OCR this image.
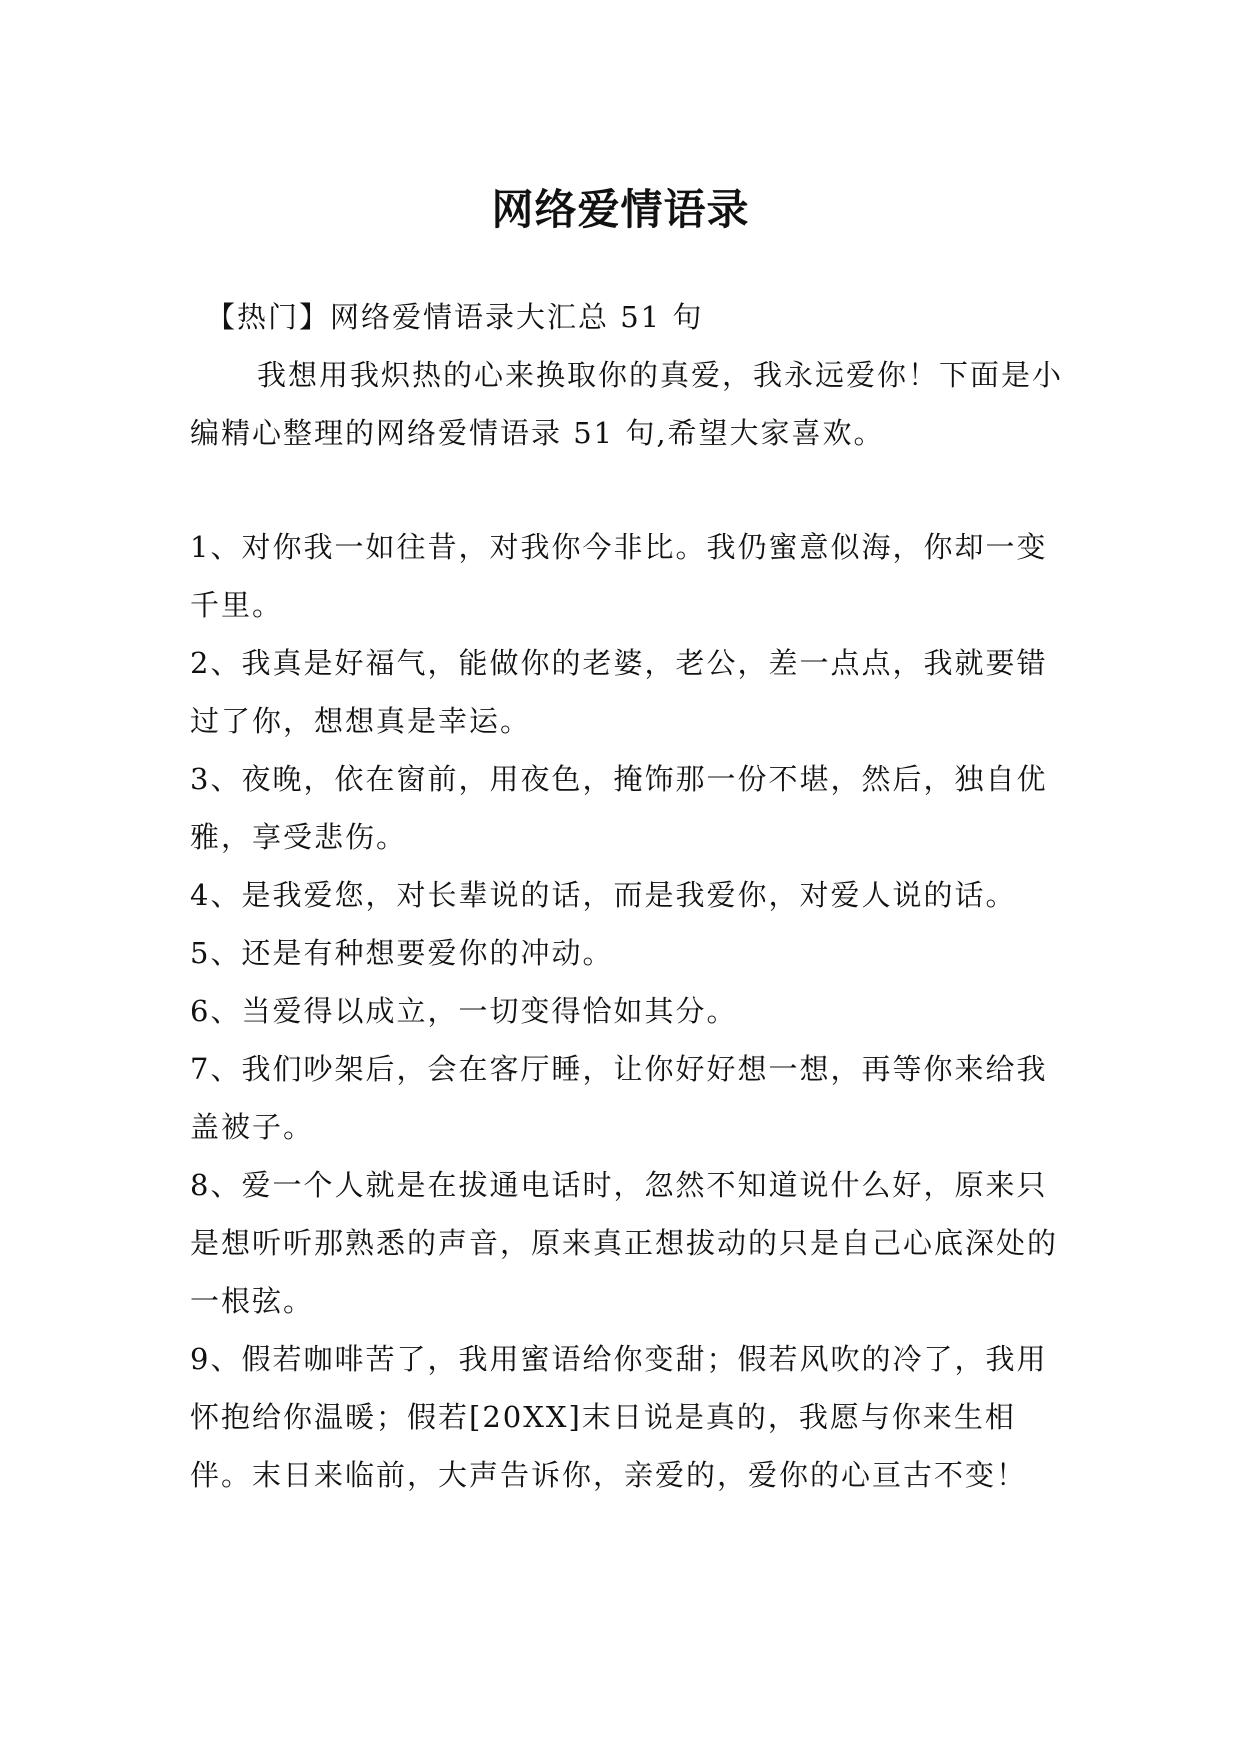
网络爱情语录

【热门】网络爱情语录大汇总 51 句

我想用我炽热的心来换取你的真爱，我永远爱你！下面是小编精心整理的网络爱情语录 51 句,希望大家喜欢。

1、对你我一如往昔，对我你今非比。我仍蜜意似海，你却一变千里。

2、我真是好福气，能做你的老婆，老公，差一点点，我就要错过了你，想想真是幸运。

3、夜晚，依在窗前，用夜色，掩饰那一份不堪，然后，独自优雅，享受悲伤。

4、是我爱您，对长辈说的话，而是我爱你，对爱人说的话。

5、还是有种想要爱你的冲动。

6、当爱得以成立，一切变得恰如其分。

7、我们吵架后，会在客厅睡，让你好好想一想，再等你来给我盖被子。

8、爱一个人就是在拔通电话时，忽然不知道说什么好，原来只是想听听那熟悉的声音，原来真正想拔动的只是自己心底深处的一根弦。

9、假若咖啡苦了，我用蜜语给你变甜；假若风吹的冷了，我用怀抱给你温暖；假若[20XX]末日说是真的，我愿与你来生相伴。末日来临前，大声告诉你，亲爱的，爱你的心亘古不变！
